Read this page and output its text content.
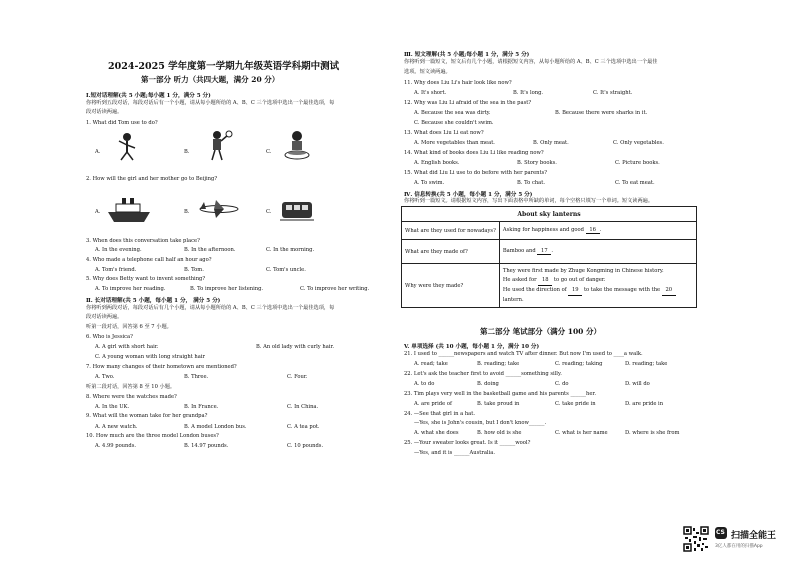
2024-2025 学年度第一学期九年级英语学科期中测试
第一部分 听力（共四大题，满分 20 分）
Ⅰ.短对话理解(共 5 小题;每小题 1 分，满分 5 分)
你将听到五段对话，每段对话后有一个小题，请从每小题所给的 A、B、C 三个选项中选出一个最佳选项，每
段对话读两遍。
1. What did Tom use to do?
A.	B.	C.
2. How will the girl and her mother go to Beijing?
A.	B.	C.
3. When does this conversation take place?
A. In the evening.	B. In the afternoon.	C. In the morning.
4. Who made a telephone call half an hour ago?
A. Tom's friend.	B. Tom.	C. Tom's uncle.
5. Why does Betty want to invent something?
A. To improve her reading.	B. To improve her listening.	C. To improve her writing.
Ⅱ. 长对话理解(共 5 小题，每小题 1 分， 满分 5 分)
你将听到两段对话，每段对话后有几个小题，请从每小题所给的 A、B、C 三个选项中选出一个最佳选项，每
段对话读两遍。
听第一段对话，回答第 6 至 7 小题。
6. Who is Jessica?
A. A girl with short hair.	B. An old lady with curly hair.
C. A young woman with long straight hair
7. How many changes of their hometown are mentioned?
A. Two.	B. Three.	C. Four.
听第二段对话，回答第 8 至 10 小题。
8. Where were the watches made?
A. In the UK.	B. In France.	C. In China.
9. What will the woman take for her grandpa?
A. A new watch.	B. A model London bus.	C. A tea pot.
10. How much are the three model London buses?
A. 4.99 pounds.	B. 14.97 pounds.	C. 10 pounds.
Ⅲ. 短文理解(共 5 小题;每小题 1 分，满分 5 分)
你将听到一篇短文，短文后有几个小题，请根据短文内容，从每小题所给的 A、B、C 三个选项中选出一个最佳
选项。短文读两遍。
11. Why does Liu Li's hair look like now?
A. It's short.	B. It's long.	C. It's straight.
12. Why was Liu Li afraid of the sea in the past?
A. Because the sea was dirty.	B. Because there were sharks in it.
C. Because she couldn't swim.
13. What does Liu Li eat now?
A. More vegetables than meat.	B. Only meat.	C. Only vegetables.
14. What kind of books does Liu Li like reading now?
A. English books.	B. Story books.	C. Picture books.
15. What did Liu Li use to do before with her parents?
A. To swim.	B. To chat.	C. To eat meat.
Ⅳ. 信息转换(共 5 小题，每小题 1 分，满分 5 分)
你将听到一篇短文。请根据短文内容，写出下面表格中所缺的单词，每个空格只填写一个单词。短文读两遍。
About sky lanterns	
What are they used for nowadays?	Asking for happiness and good 16 .
What are they made of?	Bamboo and 17 .
Why were they made?	They were first made by Zhuge Kongming in Chinese history.
He asked for 18 to go out of danger.
He used the direction of 19 to take the message with the 20
lantern.
第二部分 笔试部分（满分 100 分）
V. 单项选择 (共 10 小题，每小题 1 分，满分 10 分)
21. I used to ______newspapers and watch TV after dinner. But now I'm used to ____a walk.
A. read; take	B. reading; take	C. reading; taking	D. reading; take
22. Let's ask the teacher first to avoid ______something silly.
A. to do	B. doing	C. do	D. will do
23. Tim plays very well in the basketball game and his parents ______her.
A. are pride of	B. take proud in	C. take pride in	D. are pride in
24. —See that girl in a hat.
—Yes, she is John's cousin, but I don't know______.
A. what she does	B. how old is she	C. what is her name	D. where is she from
25. —Your sweater looks great. Is it ______wool?
—Yes, and it is ______Australia.
CS 扫描全能王
3亿人都在用的扫描App
